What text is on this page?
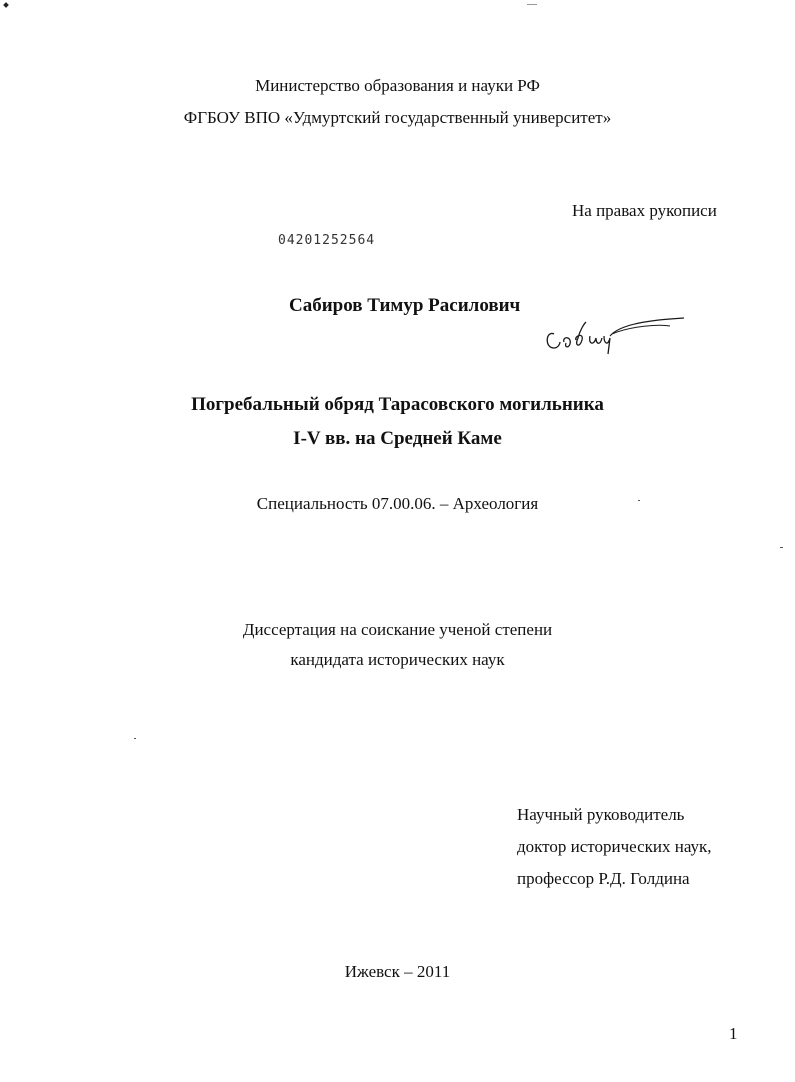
Министерство образования и науки РФ
ФГБОУ ВПО «Удмуртский государственный университет»
На правах рукописи
04201252564
Сабиров Тимур Расилович
Погребальный обряд Тарасовского могильника
I-V вв. на Средней Каме
Специальность 07.00.06. – Археология
Диссертация на соискание ученой степени
кандидата исторических наук
Научный руководитель
доктор исторических наук,
профессор Р.Д. Голдина
Ижевск – 2011
1
